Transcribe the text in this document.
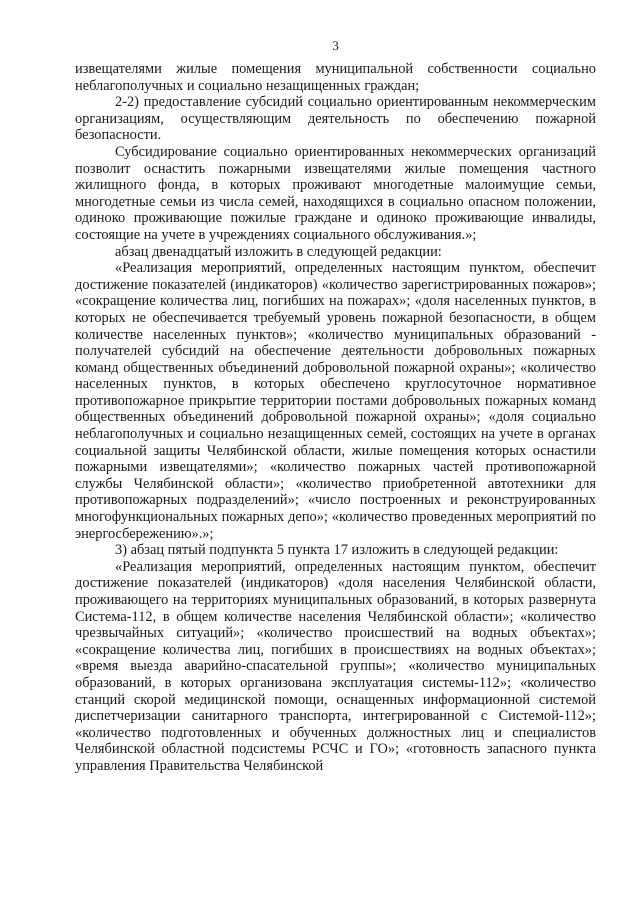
3

извещателями жилые помещения муниципальной собственности социально неблагополучных и социально незащищенных граждан;

2-2) предоставление субсидий социально ориентированным некоммерческим организациям, осуществляющим деятельность по обеспечению пожарной безопасности.

Субсидирование социально ориентированных некоммерческих организаций позволит оснастить пожарными извещателями жилые помещения частного жилищного фонда, в которых проживают многодетные малоимущие семьи, многодетные семьи из числа семей, находящихся в социально опасном положении, одиноко проживающие пожилые граждане и одиноко проживающие инвалиды, состоящие на учете в учреждениях социального обслуживания.»;

абзац двенадцатый изложить в следующей редакции:

«Реализация мероприятий, определенных настоящим пунктом, обеспечит достижение показателей (индикаторов) «количество зарегистрированных пожаров»; «сокращение количества лиц, погибших на пожарах»; «доля населенных пунктов, в которых не обеспечивается требуемый уровень пожарной безопасности, в общем количестве населенных пунктов»; «количество муниципальных образований - получателей субсидий на обеспечение деятельности добровольных пожарных команд общественных объединений добровольной пожарной охраны»; «количество населенных пунктов, в которых обеспечено круглосуточное нормативное противопожарное прикрытие территории постами добровольных пожарных команд общественных объединений добровольной пожарной охраны»; «доля социально неблагополучных и социально незащищенных семей, состоящих на учете в органах социальной защиты Челябинской области, жилые помещения которых оснастили пожарными извещателями»; «количество пожарных частей противопожарной службы Челябинской области»; «количество приобретенной автотехники для противопожарных подразделений»; «число построенных и реконструированных многофункциональных пожарных депо»; «количество проведенных мероприятий по энергосбережению».»;

3) абзац пятый подпункта 5 пункта 17 изложить в следующей редакции:

«Реализация мероприятий, определенных настоящим пунктом, обеспечит достижение показателей (индикаторов) «доля населения Челябинской области, проживающего на территориях муниципальных образований, в которых развернута Система-112, в общем количестве населения Челябинской области»; «количество чрезвычайных ситуаций»; «количество происшествий на водных объектах»; «сокращение количества лиц, погибших в происшествиях на водных объектах»; «время выезда аварийно-спасательной группы»; «количество муниципальных образований, в которых организована эксплуатация системы-112»; «количество станций скорой медицинской помощи, оснащенных информационной системой диспетчеризации санитарного транспорта, интегрированной с Системой-112»; «количество подготовленных и обученных должностных лиц и специалистов Челябинской областной подсистемы РСЧС и ГО»; «готовность запасного пункта управления Правительства Челябинской
